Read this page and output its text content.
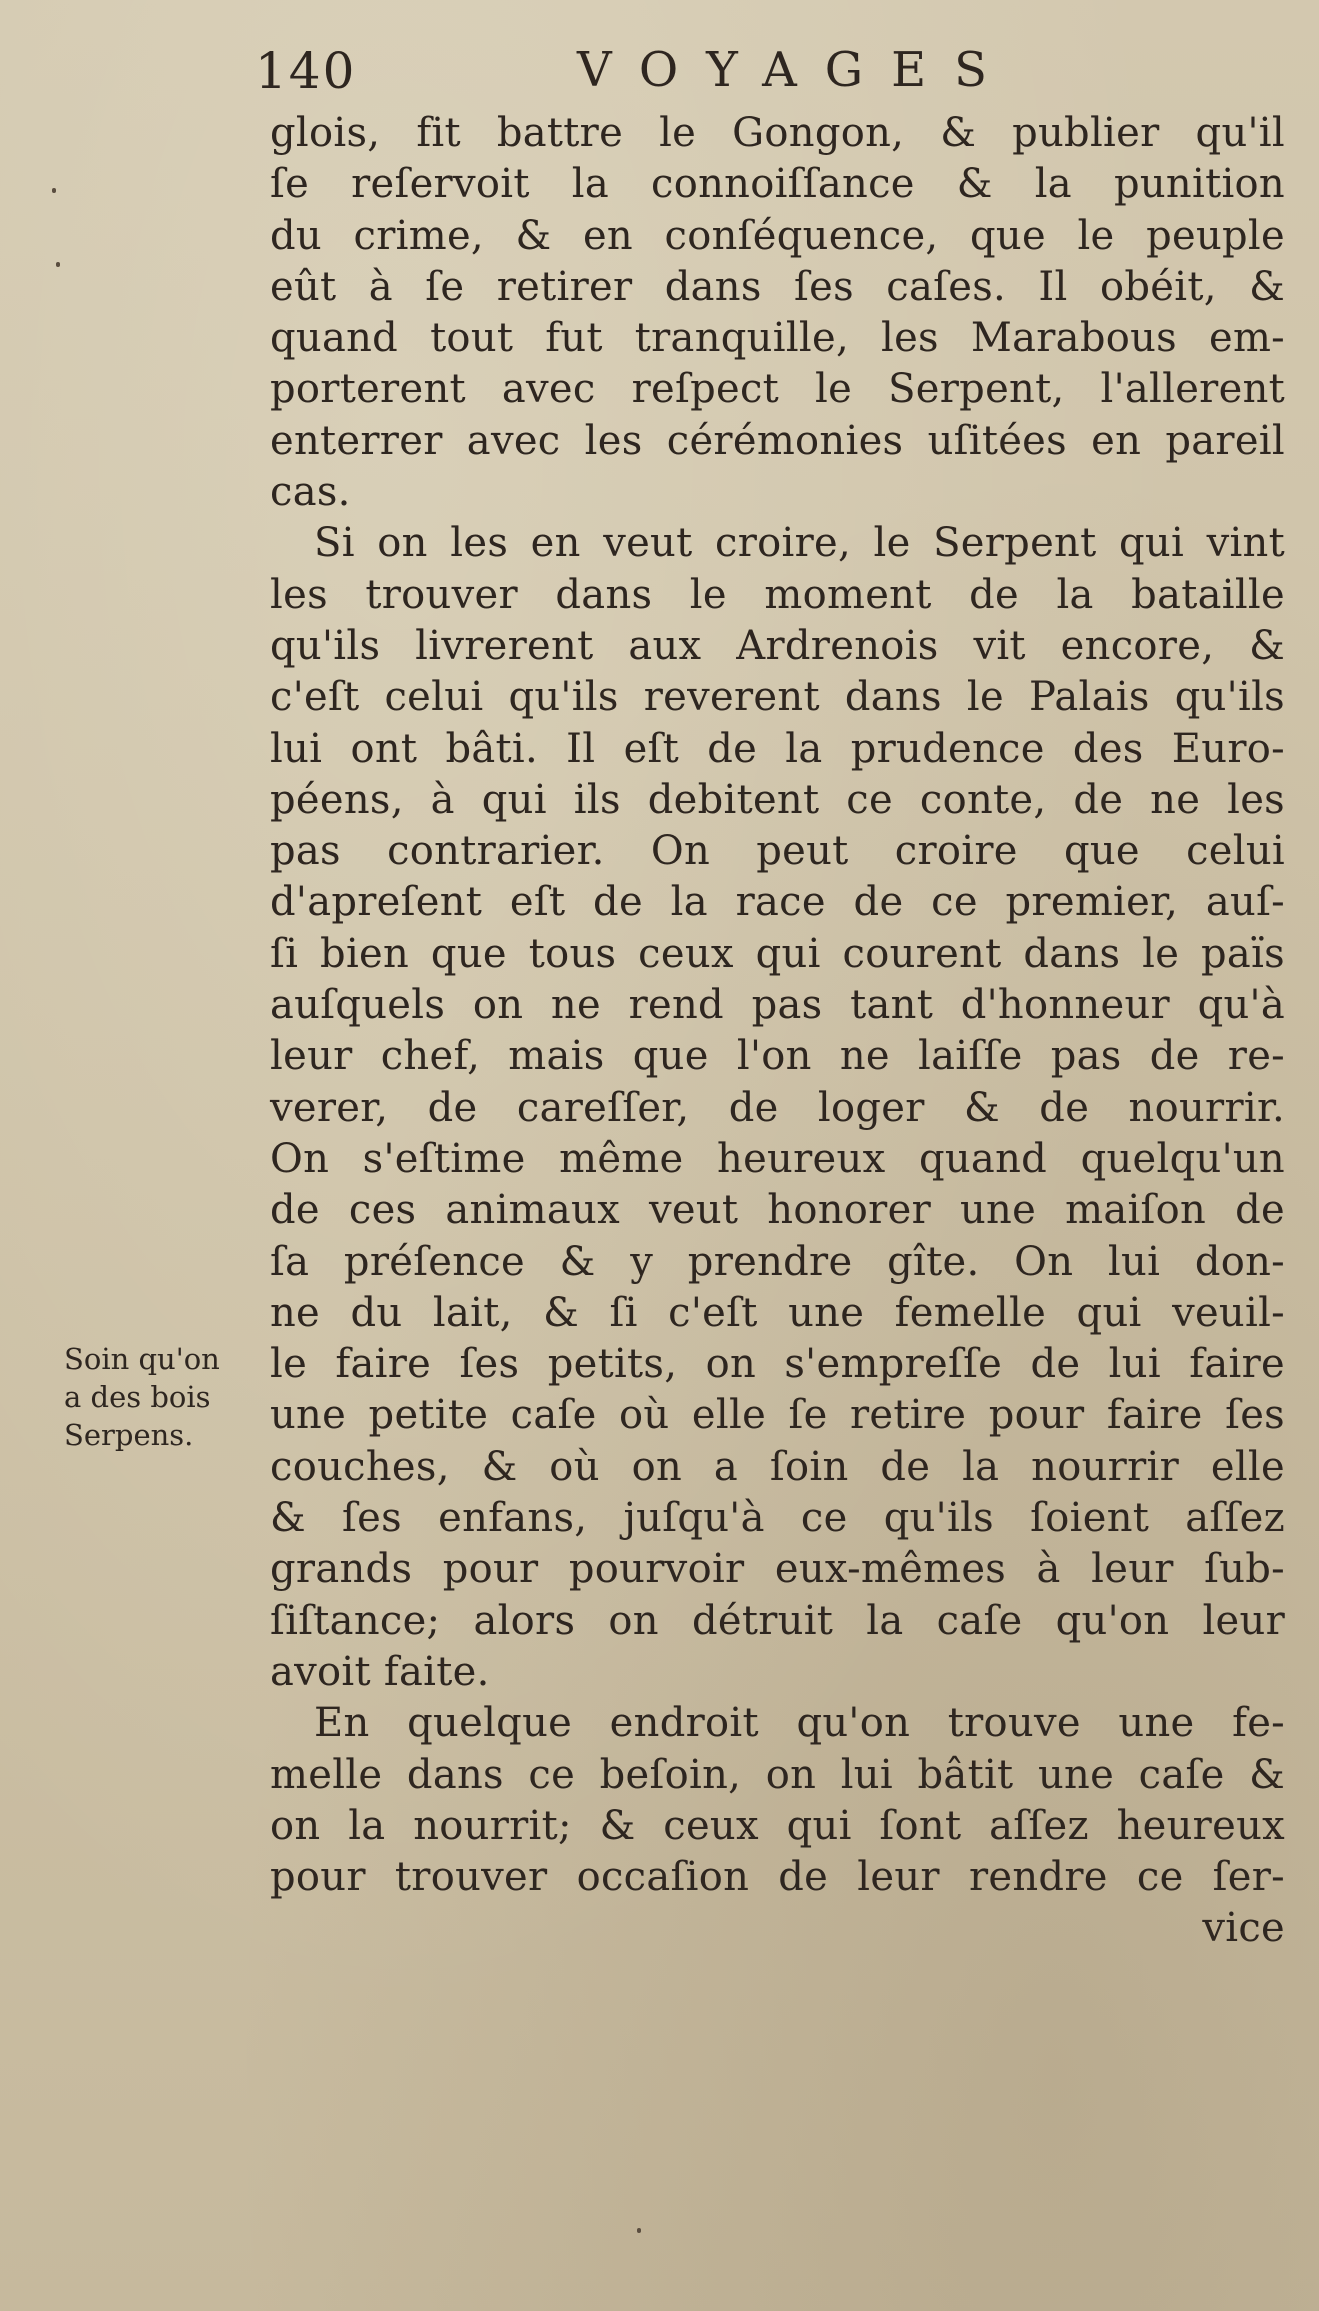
140	VOYAGES
Soin qu'on
a des bois
Serpens.
glois, fit battre le Gongon, & publier qu'il
ſe reſervoit la connoiſſance & la punition
du crime, & en conſéquence, que le peuple
eût à ſe retirer dans ſes caſes. Il obéit, &
quand tout fut tranquille, les Marabous em-
porterent avec reſpect le Serpent, l'allerent
enterrer avec les cérémonies uſitées en pareil
cas.
Si on les en veut croire, le Serpent qui vint
les trouver dans le moment de la bataille
qu'ils livrerent aux Ardrenois vit encore, &
c'eſt celui qu'ils reverent dans le Palais qu'ils
lui ont bâti. Il eſt de la prudence des Euro-
péens, à qui ils debitent ce conte, de ne les
pas contrarier. On peut croire que celui
d'apreſent eſt de la race de ce premier, auſ-
ſi bien que tous ceux qui courent dans le païs
auſquels on ne rend pas tant d'honneur qu'à
leur chef, mais que l'on ne laiſſe pas de re-
verer, de careſſer, de loger & de nourrir.
On s'eſtime même heureux quand quelqu'un
de ces animaux veut honorer une maiſon de
ſa préſence & y prendre gîte. On lui don-
ne du lait, & ſi c'eſt une femelle qui veuil-
le faire ſes petits, on s'empreſſe de lui faire
une petite caſe où elle ſe retire pour faire ſes
couches, & où on a ſoin de la nourrir elle
& ſes enfans, juſqu'à ce qu'ils ſoient aſſez
grands pour pourvoir eux-mêmes à leur ſub-
ſiſtance; alors on détruit la caſe qu'on leur
avoit faite.
En quelque endroit qu'on trouve une fe-
melle dans ce beſoin, on lui bâtit une caſe &
on la nourrit; & ceux qui ſont aſſez heureux
pour trouver occaſion de leur rendre ce ſer-
vice
